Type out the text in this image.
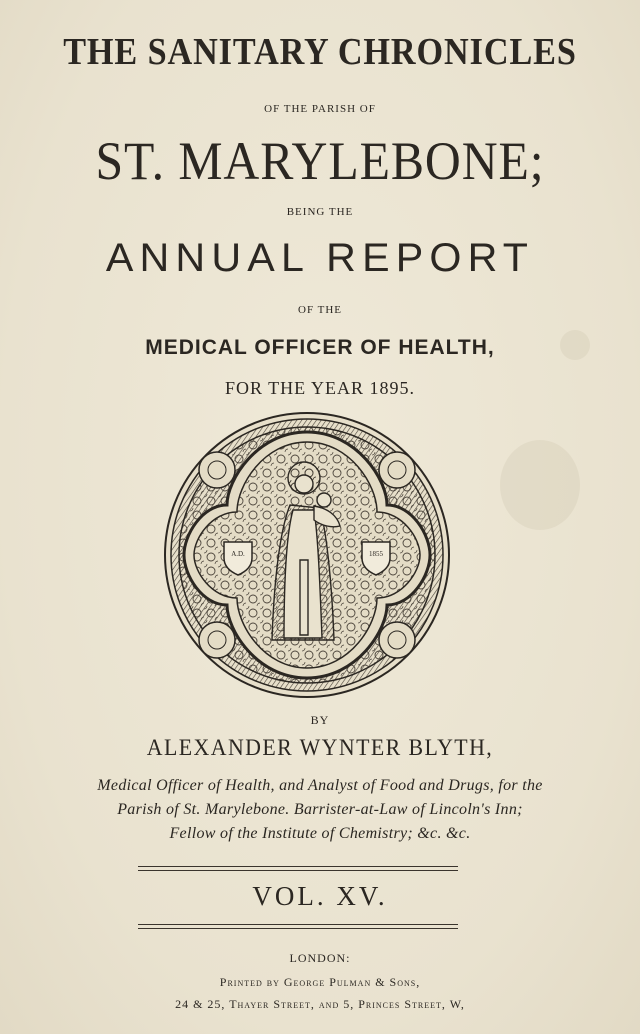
THE SANITARY CHRONICLES
OF THE PARISH OF
ST. MARYLEBONE;
BEING THE
ANNUAL REPORT
OF THE
MEDICAL OFFICER OF HEALTH,
FOR THE YEAR 1895.
A.D.	1855
BY
ALEXANDER WYNTER BLYTH,
Medical Officer of Health, and Analyst of Food and Drugs, for the
Parish of St. Marylebone. Barrister-at-Law of Lincoln's Inn;
Fellow of the Institute of Chemistry; &c. &c.
VOL. XV.
LONDON:
Printed by George Pulman & Sons,
24 & 25, Thayer Street, and 5, Princes Street, W,
